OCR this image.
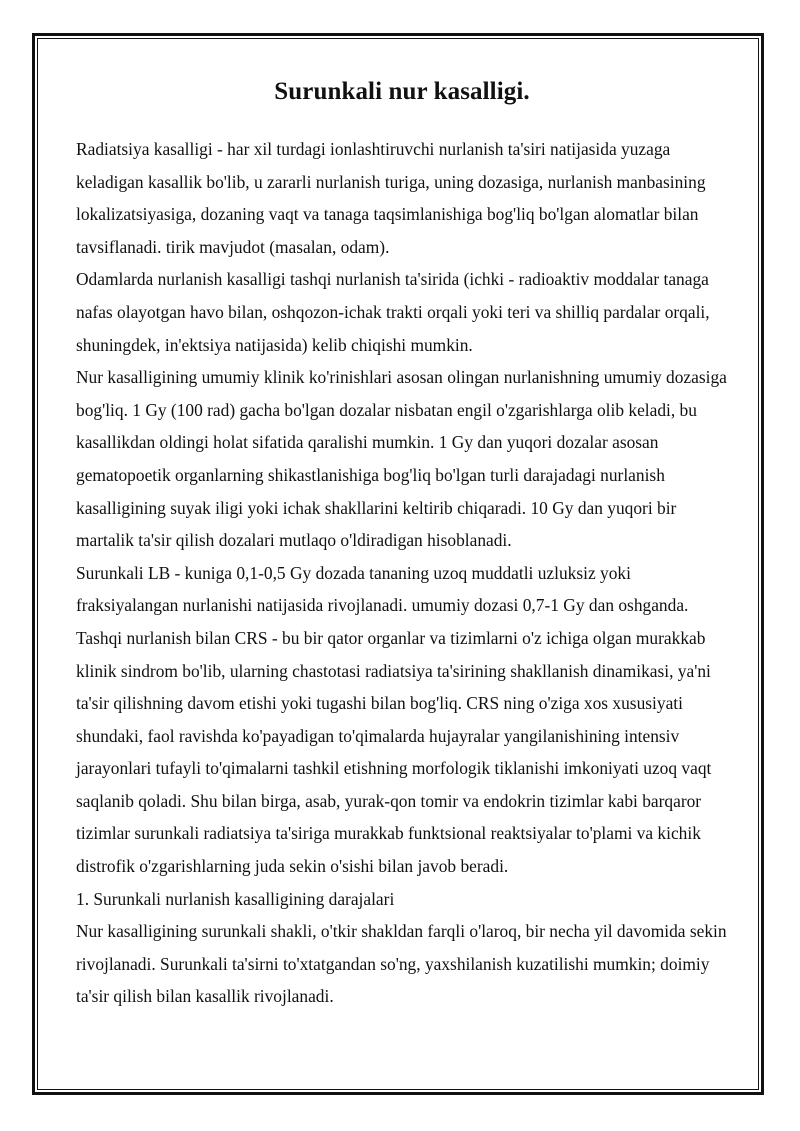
Surunkali nur kasalligi.

Radiatsiya kasalligi - har xil turdagi ionlashtiruvchi nurlanish ta'siri natijasida yuzaga keladigan kasallik bo'lib, u zararli nurlanish turiga, uning dozasiga, nurlanish manbasining lokalizatsiyasiga, dozaning vaqt va tanaga taqsimlanishiga bog'liq bo'lgan alomatlar bilan tavsiflanadi. tirik mavjudot (masalan, odam).

Odamlarda nurlanish kasalligi tashqi nurlanish ta'sirida (ichki - radioaktiv moddalar tanaga nafas olayotgan havo bilan, oshqozon-ichak trakti orqali yoki teri va shilliq pardalar orqali, shuningdek, in'ektsiya natijasida) kelib chiqishi mumkin.

Nur kasalligining umumiy klinik ko'rinishlari asosan olingan nurlanishning umumiy dozasiga bog'liq. 1 Gy (100 rad) gacha bo'lgan dozalar nisbatan engil o'zgarishlarga olib keladi, bu kasallikdan oldingi holat sifatida qaralishi mumkin. 1 Gy dan yuqori dozalar asosan gematopoetik organlarning shikastlanishiga bog'liq bo'lgan turli darajadagi nurlanish kasalligining suyak iligi yoki ichak shakllarini keltirib chiqaradi. 10 Gy dan yuqori bir martalik ta'sir qilish dozalari mutlaqo o'ldiradigan hisoblanadi.

Surunkali LB - kuniga 0,1-0,5 Gy dozada tananing uzoq muddatli uzluksiz yoki fraksiyalangan nurlanishi natijasida rivojlanadi. umumiy dozasi 0,7-1 Gy dan oshganda. Tashqi nurlanish bilan CRS - bu bir qator organlar va tizimlarni o'z ichiga olgan murakkab klinik sindrom bo'lib, ularning chastotasi radiatsiya ta'sirining shakllanish dinamikasi, ya'ni ta'sir qilishning davom etishi yoki tugashi bilan bog'liq. CRS ning o'ziga xos xususiyati shundaki, faol ravishda ko'payadigan to'qimalarda hujayralar yangilanishining intensiv jarayonlari tufayli to'qimalarni tashkil etishning morfologik tiklanishi imkoniyati uzoq vaqt saqlanib qoladi. Shu bilan birga, asab, yurak-qon tomir va endokrin tizimlar kabi barqaror tizimlar surunkali radiatsiya ta'siriga murakkab funktsional reaktsiyalar to'plami va kichik distrofik o'zgarishlarning juda sekin o'sishi bilan javob beradi.

1. Surunkali nurlanish kasalligining darajalari

Nur kasalligining surunkali shakli, o'tkir shakldan farqli o'laroq, bir necha yil davomida sekin rivojlanadi. Surunkali ta'sirni to'xtatgandan so'ng, yaxshilanish kuzatilishi mumkin; doimiy ta'sir qilish bilan kasallik rivojlanadi.
